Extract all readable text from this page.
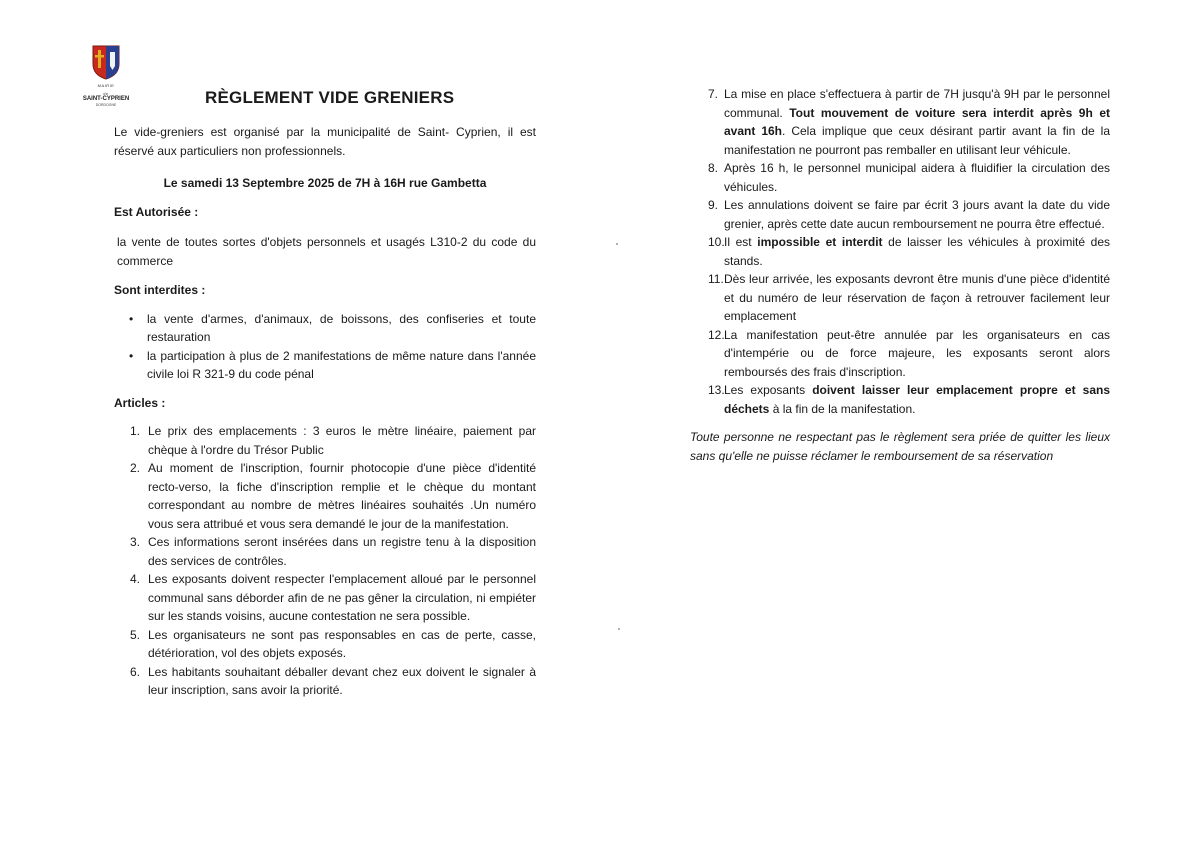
MAIRIE
de
SAINT-CYPRIEN
DORDOGNE	RÈGLEMENT VIDE GRENIERS

Le vide-greniers est organisé par la municipalité de Saint- Cyprien, il est réservé aux particuliers non professionnels.

Le samedi 13 Septembre 2025 de 7H à 16H rue Gambetta

Est Autorisée :

la vente de toutes sortes d'objets personnels et usagés L310-2 du code du commerce

Sont interdites :

• la vente d'armes, d'animaux, de boissons, des confiseries et toute restauration
• la participation à plus de 2 manifestations de même nature dans l'année civile loi R 321-9 du code pénal

Articles :

1. Le prix des emplacements : 3 euros le mètre linéaire, paiement par chèque à l'ordre du Trésor Public
2. Au moment de l'inscription, fournir photocopie d'une pièce d'identité recto-verso, la fiche d'inscription remplie et le chèque du montant correspondant au nombre de mètres linéaires souhaités .Un numéro vous sera attribué et vous sera demandé le jour de la manifestation.
3. Ces informations seront insérées dans un registre tenu à la disposition des services de contrôles.
4. Les exposants doivent respecter l'emplacement alloué par le personnel communal sans déborder afin de ne pas gêner la circulation, ni empiéter sur les stands voisins, aucune contestation ne sera possible.
5. Les organisateurs ne sont pas responsables en cas de perte, casse, détérioration, vol des objets exposés.
6. Les habitants souhaitant déballer devant chez eux doivent le signaler à leur inscription, sans avoir la priorité.
7. La mise en place s'effectuera à partir de 7H jusqu'à 9H par le personnel communal. Tout mouvement de voiture sera interdit après 9h et avant 16h. Cela implique que ceux désirant partir avant la fin de la manifestation ne pourront pas remballer en utilisant leur véhicule.
8. Après 16 h, le personnel municipal aidera à fluidifier la circulation des véhicules.
9. Les annulations doivent se faire par écrit 3 jours avant la date du vide grenier, après cette date aucun remboursement ne pourra être effectué.
10. Il est impossible et interdit de laisser les véhicules à proximité des stands.
11. Dès leur arrivée, les exposants devront être munis d'une pièce d'identité et du numéro de leur réservation de façon à retrouver facilement leur emplacement
12. La manifestation peut-être annulée par les organisateurs en cas d'intempérie ou de force majeure, les exposants seront alors remboursés des frais d'inscription.
13. Les exposants doivent laisser leur emplacement propre et sans déchets à la fin de la manifestation.

Toute personne ne respectant pas le règlement sera priée de quitter les lieux sans qu'elle ne puisse réclamer le remboursement de sa réservation
